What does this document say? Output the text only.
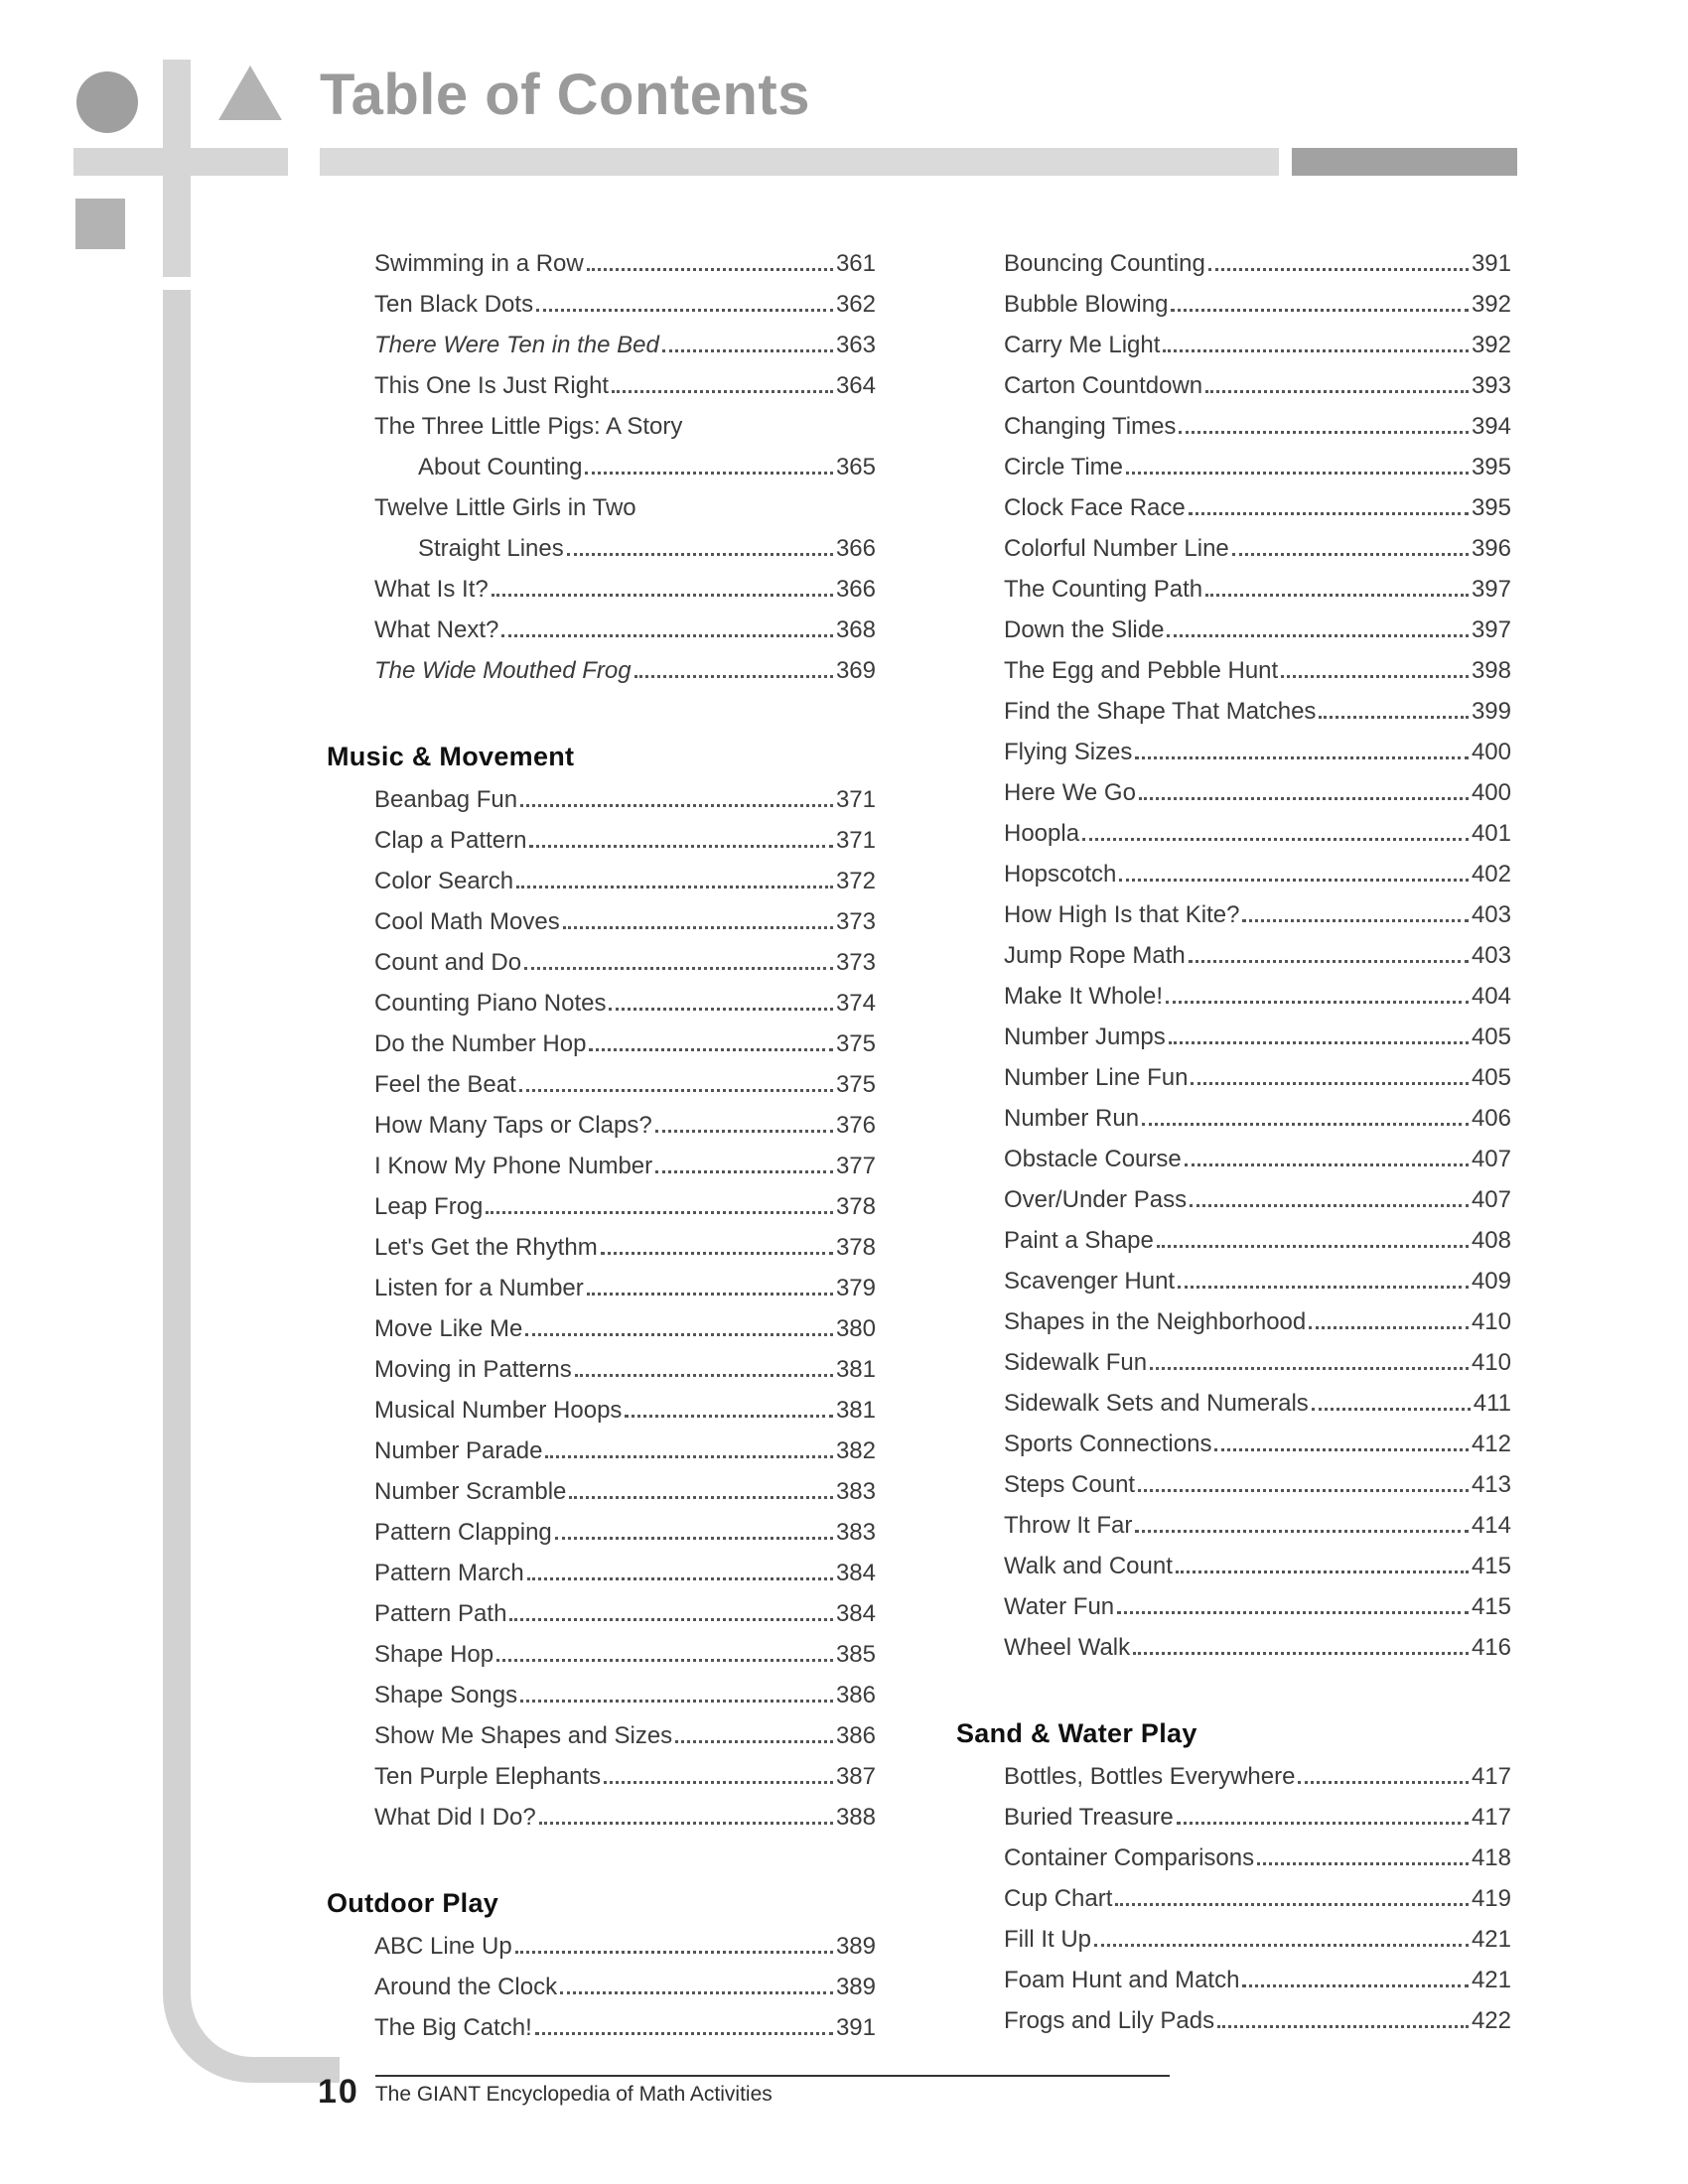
Table of Contents
Swimming in a Row	361
Ten Black Dots	362
There Were Ten in the Bed	363
This One Is Just Right	364
The Three Little Pigs: A Story
About Counting	365
Twelve Little Girls in Two
Straight Lines	366
What Is It?	366
What Next?	368
The Wide Mouthed Frog	369
Music & Movement
Beanbag Fun	371
Clap a Pattern	371
Color Search	372
Cool Math Moves	373
Count and Do	373
Counting Piano Notes	374
Do the Number Hop	375
Feel the Beat	375
How Many Taps or Claps?	376
I Know My Phone Number	377
Leap Frog	378
Let's Get the Rhythm	378
Listen for a Number	379
Move Like Me	380
Moving in Patterns	381
Musical Number Hoops	381
Number Parade	382
Number Scramble	383
Pattern Clapping	383
Pattern March	384
Pattern Path	384
Shape Hop	385
Shape Songs	386
Show Me Shapes and Sizes	386
Ten Purple Elephants	387
What Did I Do?	388
Outdoor Play
ABC Line Up	389
Around the Clock	389
The Big Catch!	391
Bouncing Counting	391
Bubble Blowing	392
Carry Me Light	392
Carton Countdown	393
Changing Times	394
Circle Time	395
Clock Face Race	395
Colorful Number Line	396
The Counting Path	397
Down the Slide	397
The Egg and Pebble Hunt	398
Find the Shape That Matches	399
Flying Sizes	400
Here We Go	400
Hoopla	401
Hopscotch	402
How High Is that Kite?	403
Jump Rope Math	403
Make It Whole!	404
Number Jumps	405
Number Line Fun	405
Number Run	406
Obstacle Course	407
Over/Under Pass	407
Paint a Shape	408
Scavenger Hunt	409
Shapes in the Neighborhood	410
Sidewalk Fun	410
Sidewalk Sets and Numerals	411
Sports Connections	412
Steps Count	413
Throw It Far	414
Walk and Count	415
Water Fun	415
Wheel Walk	416
Sand & Water Play
Bottles, Bottles Everywhere	417
Buried Treasure	417
Container Comparisons	418
Cup Chart	419
Fill It Up	421
Foam Hunt and Match	421
Frogs and Lily Pads	422
10 The GIANT Encyclopedia of Math Activities
